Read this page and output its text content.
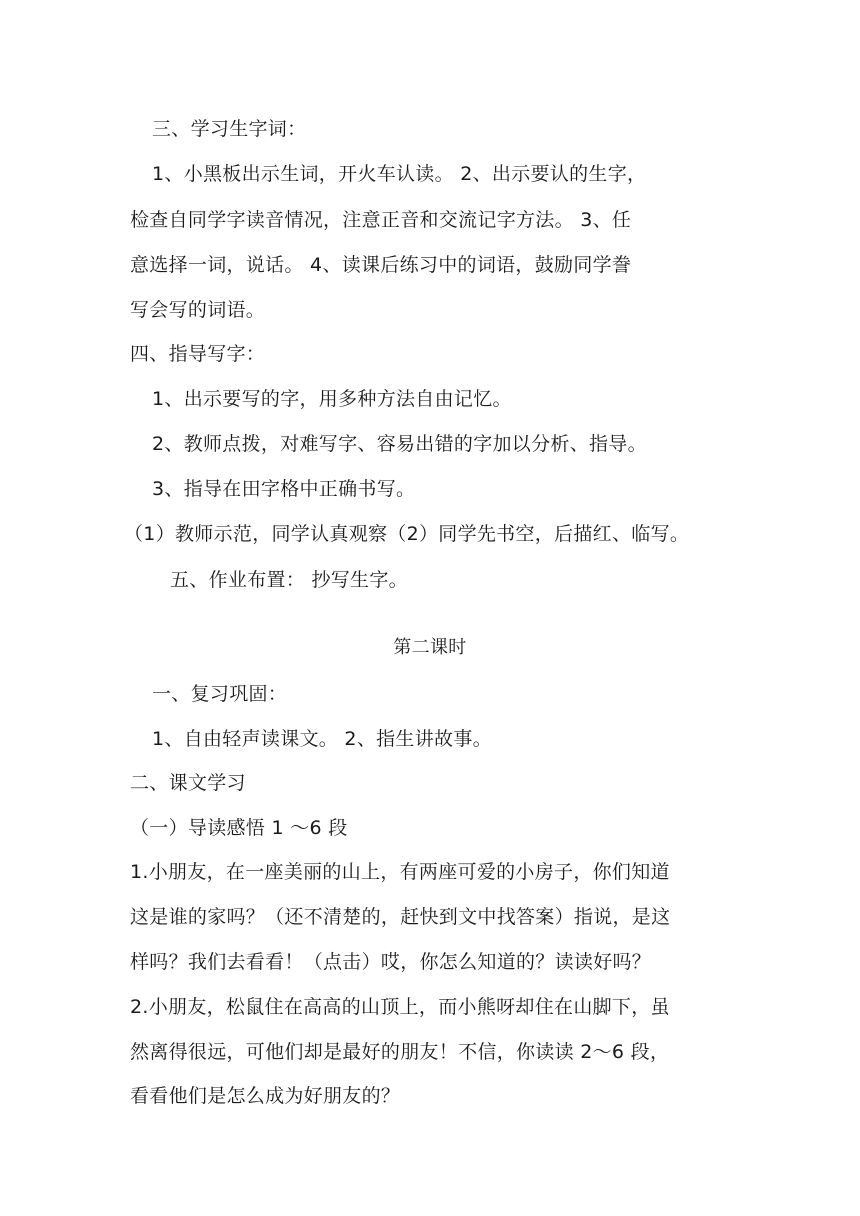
三、学习生字词：
1、小黑板出示生词，开火车认读。 2、出示要认的生字，
检查自同学字读音情况，注意正音和交流记字方法。 3、任
意选择一词，说话。 4、读课后练习中的词语，鼓励同学誊
写会写的词语。
四、指导写字：
1、出示要写的字，用多种方法自由记忆。
2、教师点拨，对难写字、容易出错的字加以分析、指导。
3、指导在田字格中正确书写。
（1）教师示范，同学认真观察（2）同学先书空，后描红、临写。
五、作业布置： 抄写生字。
第二课时
一、复习巩固：
1、自由轻声读课文。 2、指生讲故事。
二、课文学习
（一）导读感悟 1 ～6 段
1.小朋友，在一座美丽的山上，有两座可爱的小房子，你们知道
这是谁的家吗？（还不清楚的，赶快到文中找答案）指说，是这
样吗？我们去看看！（点击）哎，你怎么知道的？读读好吗？
2.小朋友，松鼠住在高高的山顶上，而小熊呀却住在山脚下，虽
然离得很远，可他们却是最好的朋友！不信，你读读 2～6 段，
看看他们是怎么成为好朋友的？
